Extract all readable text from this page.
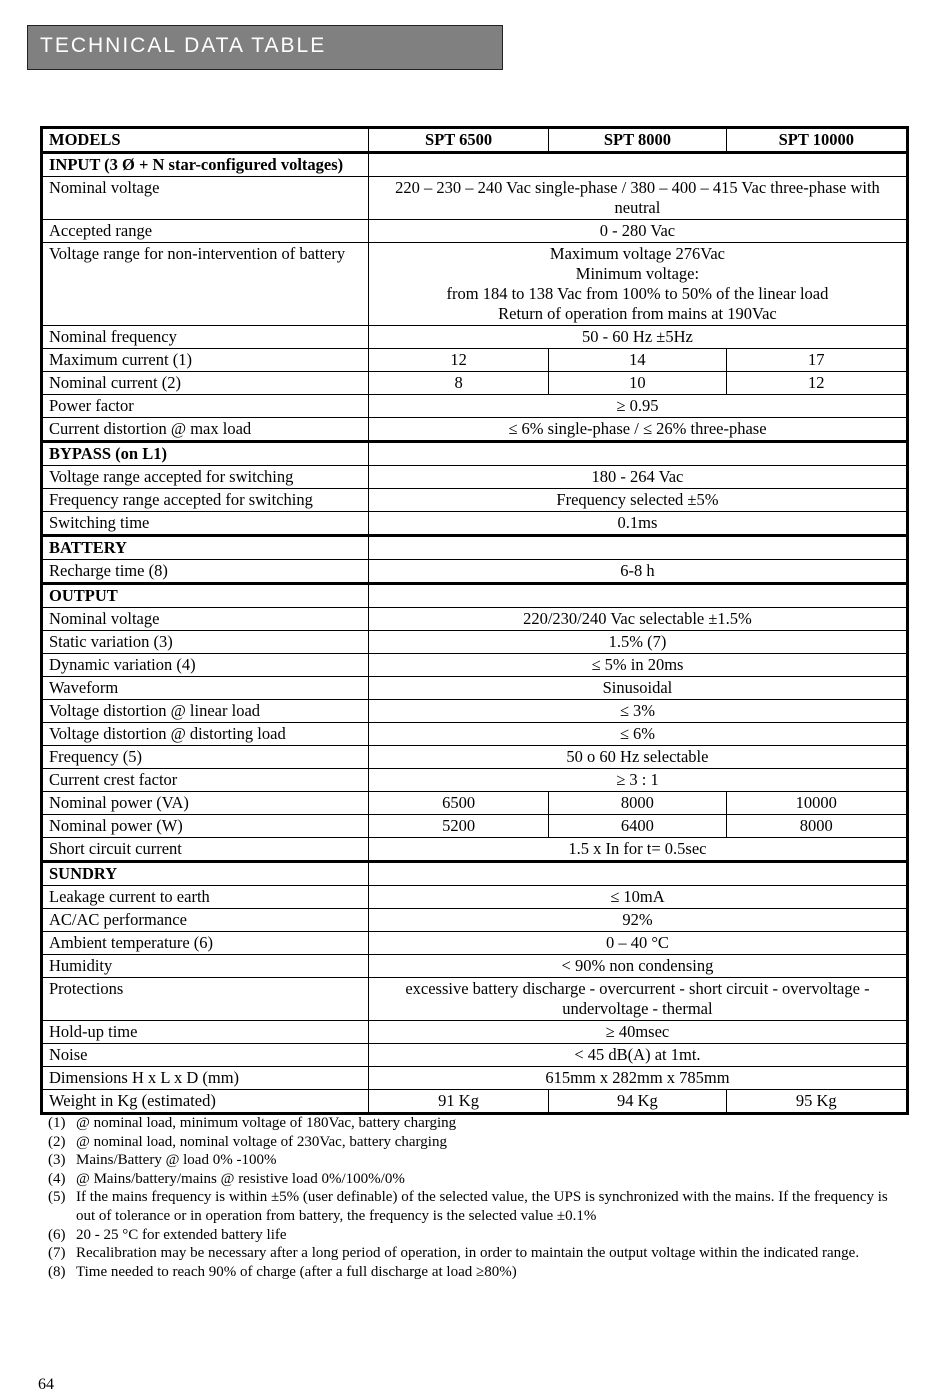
TECHNICAL DATA TABLE
MODELS	SPT 6500	SPT 8000	SPT 10000
INPUT (3 Ø + N star-configured voltages)			
Nominal voltage	220 – 230 – 240 Vac single-phase / 380 – 400 – 415 Vac three-phase with neutral		
Accepted range	0 - 280 Vac		
Voltage range for non-intervention of battery	Maximum voltage 276Vac
Minimum voltage:
from 184 to 138 Vac from 100% to 50% of the linear load
Return of operation from mains at 190Vac		

Nominal frequency	50 - 60 Hz ±5Hz		
Maximum current (1)	12	14	17
Nominal current (2)	8	10	12
Power factor	≥ 0.95		
Current distortion @ max load	≤ 6% single-phase / ≤ 26% three-phase		
BYPASS (on L1)			
Voltage range accepted for switching	180 - 264 Vac		
Frequency range accepted for switching	Frequency selected ±5%		
Switching time	0.1ms		
BATTERY			
Recharge time (8)	6-8 h		
OUTPUT			
Nominal voltage	220/230/240 Vac selectable ±1.5%		
Static variation (3)	1.5% (7)		
Dynamic variation (4)	≤ 5% in 20ms		
Waveform	Sinusoidal		
Voltage distortion @ linear load	≤ 3%		
Voltage distortion @ distorting load	≤ 6%		
Frequency (5)	50 o 60 Hz selectable		
Current crest factor	≥ 3 : 1		
Nominal power (VA)	6500	8000	10000
Nominal power (W)	5200	6400	8000
Short circuit current	1.5 x In for t= 0.5sec		
SUNDRY			
Leakage current to earth	≤ 10mA		
AC/AC performance	92%		
Ambient temperature (6)	0 – 40 °C		
Humidity	< 90% non condensing		
Protections	excessive battery discharge - overcurrent - short circuit - overvoltage - undervoltage - thermal		
Hold-up time	≥ 40msec		
Noise	< 45 dB(A) at 1mt.		
Dimensions H x L x D (mm)	615mm x 282mm x 785mm		
Weight in Kg (estimated)	91 Kg	94 Kg	95 Kg
(1) @ nominal load, minimum voltage of 180Vac, battery charging
(2) @ nominal load, nominal voltage of 230Vac, battery charging
(3) Mains/Battery @ load 0% -100%
(4) @ Mains/battery/mains @ resistive load 0%/100%/0%
(5) If the mains frequency is within ±5% (user definable) of the selected value, the UPS is synchronized with the mains. If the frequency is out of tolerance or in operation from battery, the frequency is the selected value ±0.1%
(6) 20 - 25 °C for extended battery life
(7) Recalibration may be necessary after a long period of operation, in order to maintain the output voltage within the indicated range.
(8) Time needed to reach 90% of charge (after a full discharge at load ≥80%)
64
